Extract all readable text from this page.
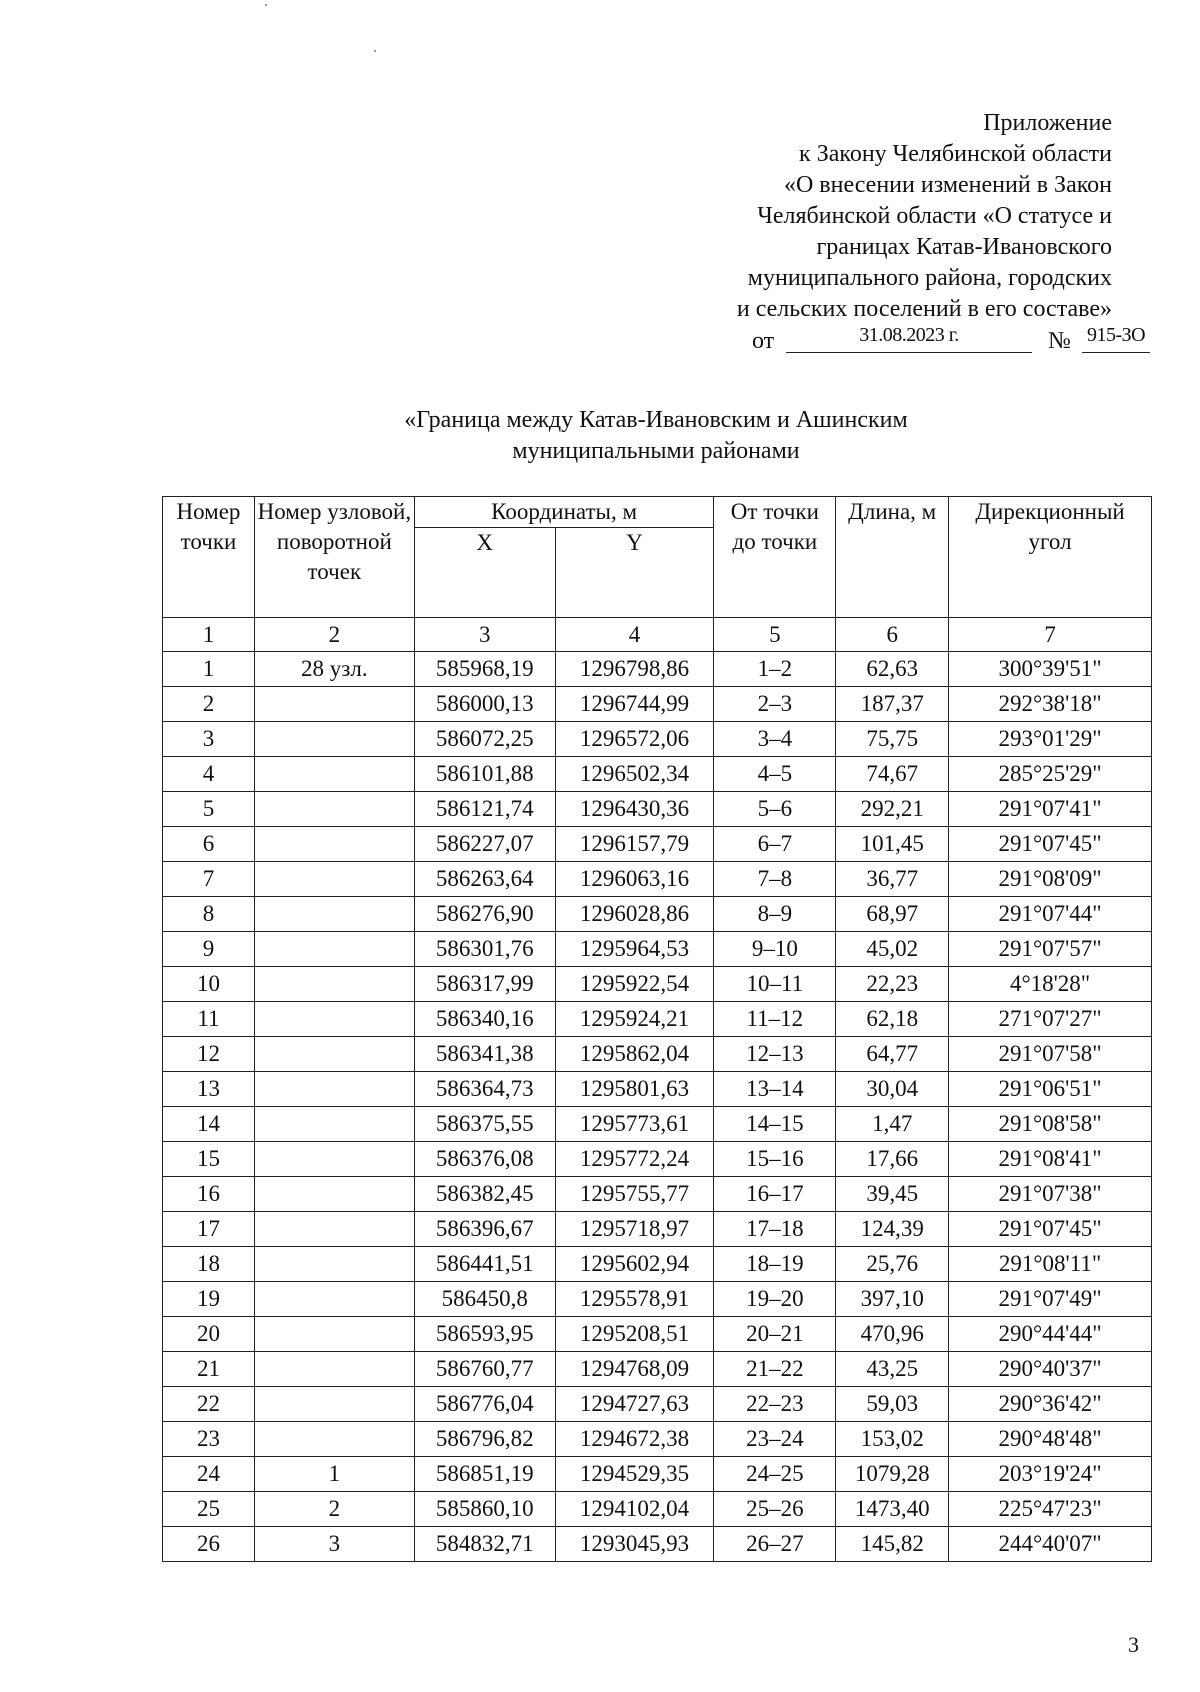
Приложение
к Закону Челябинской области
«О внесении изменений в Закон
Челябинской области «О статусе и
границах Катав-Ивановского
муниципального района, городских
и сельских поселений в его составе»
от	31.08.2023 г.	№ 915-ЗО
«Граница между Катав-Ивановским и Ашинским
муниципальными районами
Номер точки	Номер узловой, поворотной точек	Координаты, м		От точки до точки	Длина, м	Дирекционный угол
		X	Y			
1	2	3	4	5	6	7
1	28 узл.	585968,19	1296798,86	1–2	62,63	300°39'51"
2		586000,13	1296744,99	2–3	187,37	292°38'18"
3		586072,25	1296572,06	3–4	75,75	293°01'29"
4		586101,88	1296502,34	4–5	74,67	285°25'29"
5		586121,74	1296430,36	5–6	292,21	291°07'41"
6		586227,07	1296157,79	6–7	101,45	291°07'45"
7		586263,64	1296063,16	7–8	36,77	291°08'09"
8		586276,90	1296028,86	8–9	68,97	291°07'44"
9		586301,76	1295964,53	9–10	45,02	291°07'57"
10		586317,99	1295922,54	10–11	22,23	4°18'28"
11		586340,16	1295924,21	11–12	62,18	271°07'27"
12		586341,38	1295862,04	12–13	64,77	291°07'58"
13		586364,73	1295801,63	13–14	30,04	291°06'51"
14		586375,55	1295773,61	14–15	1,47	291°08'58"
15		586376,08	1295772,24	15–16	17,66	291°08'41"
16		586382,45	1295755,77	16–17	39,45	291°07'38"
17		586396,67	1295718,97	17–18	124,39	291°07'45"
18		586441,51	1295602,94	18–19	25,76	291°08'11"
19		586450,8	1295578,91	19–20	397,10	291°07'49"
20		586593,95	1295208,51	20–21	470,96	290°44'44"
21		586760,77	1294768,09	21–22	43,25	290°40'37"
22		586776,04	1294727,63	22–23	59,03	290°36'42"
23		586796,82	1294672,38	23–24	153,02	290°48'48"
24	1	586851,19	1294529,35	24–25	1079,28	203°19'24"
25	2	585860,10	1294102,04	25–26	1473,40	225°47'23"
26	3	584832,71	1293045,93	26–27	145,82	244°40'07"
3
